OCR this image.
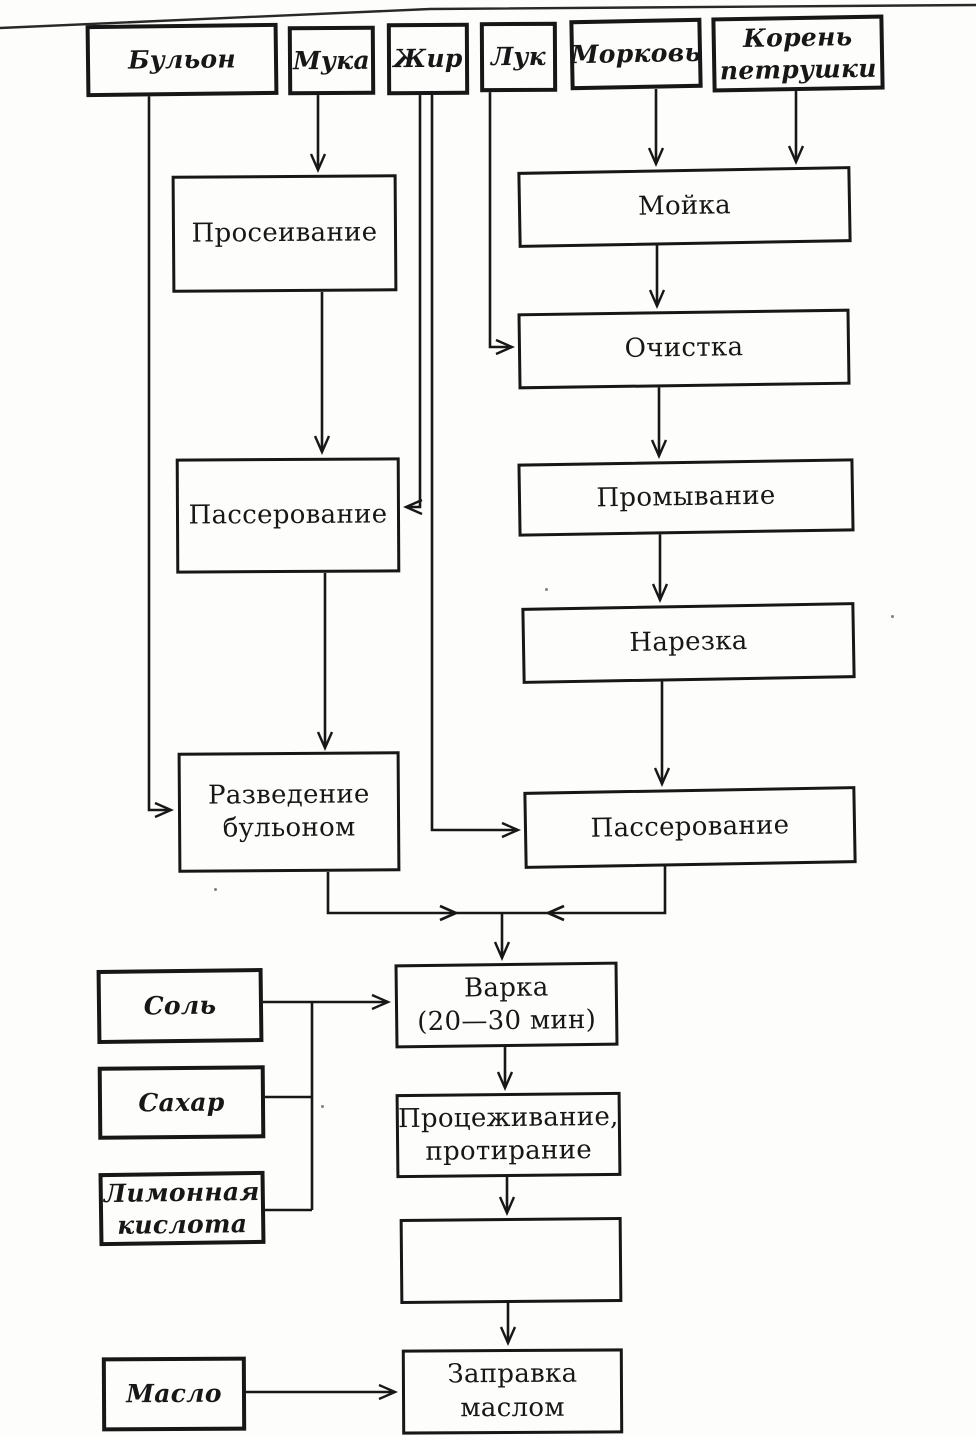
Бульон Мука Жир Лук Морковь
Корень
петрушки
Просеивание
Мойка
Очистка
Пассерование
Промывание
Нарезка
Разведение
бульоном	Пассерование
Соль
Сахар
Лимонная
кислота
Варка
(20—30 мин)
Процеживание,
протирание
Масло
Заправка
маслом
